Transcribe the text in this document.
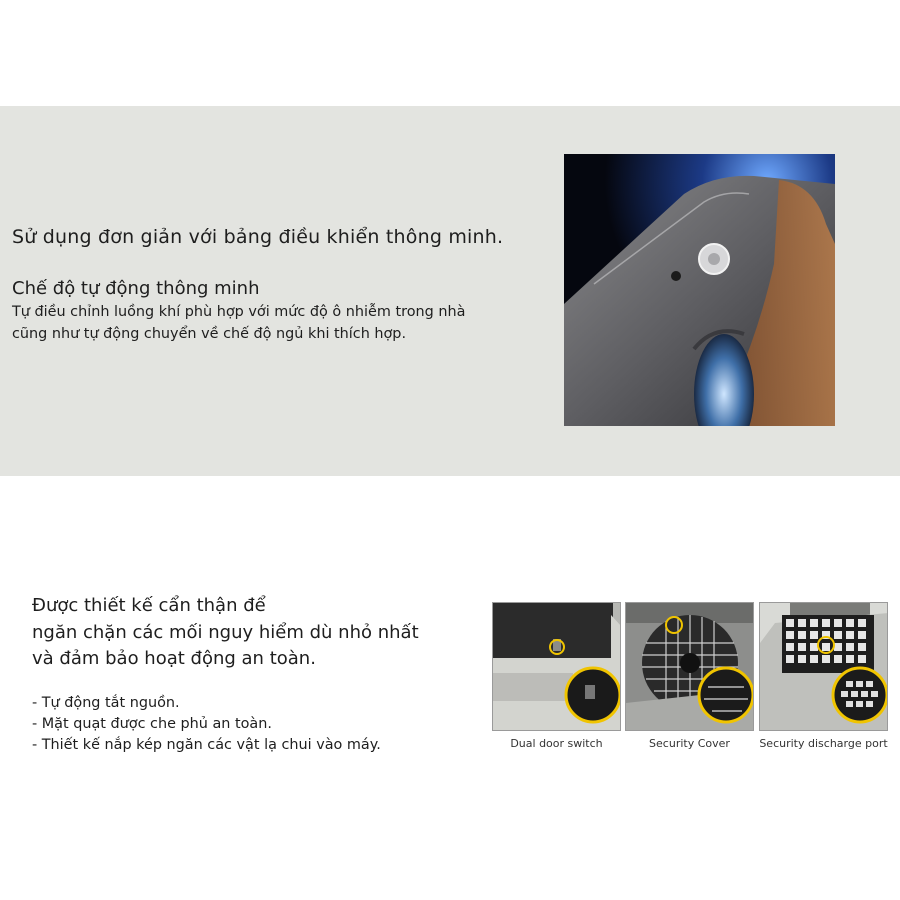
Sử dụng đơn giản với bảng điều khiển thông minh.
Chế độ tự động thông minh
Tự điều chỉnh luồng khí phù hợp với mức độ ô nhiễm trong nhà
cũng như tự động chuyển về chế độ ngủ khi thích hợp.
Được thiết kế cẩn thận để
ngăn chặn các mối nguy hiểm dù nhỏ nhất
và đảm bảo hoạt động an toàn.
- Tự động tắt nguồn.
- Mặt quạt được che phủ an toàn.
- Thiết kế nắp kép ngăn các vật lạ chui vào máy.	Dual door switch	Security Cover	Security discharge port
